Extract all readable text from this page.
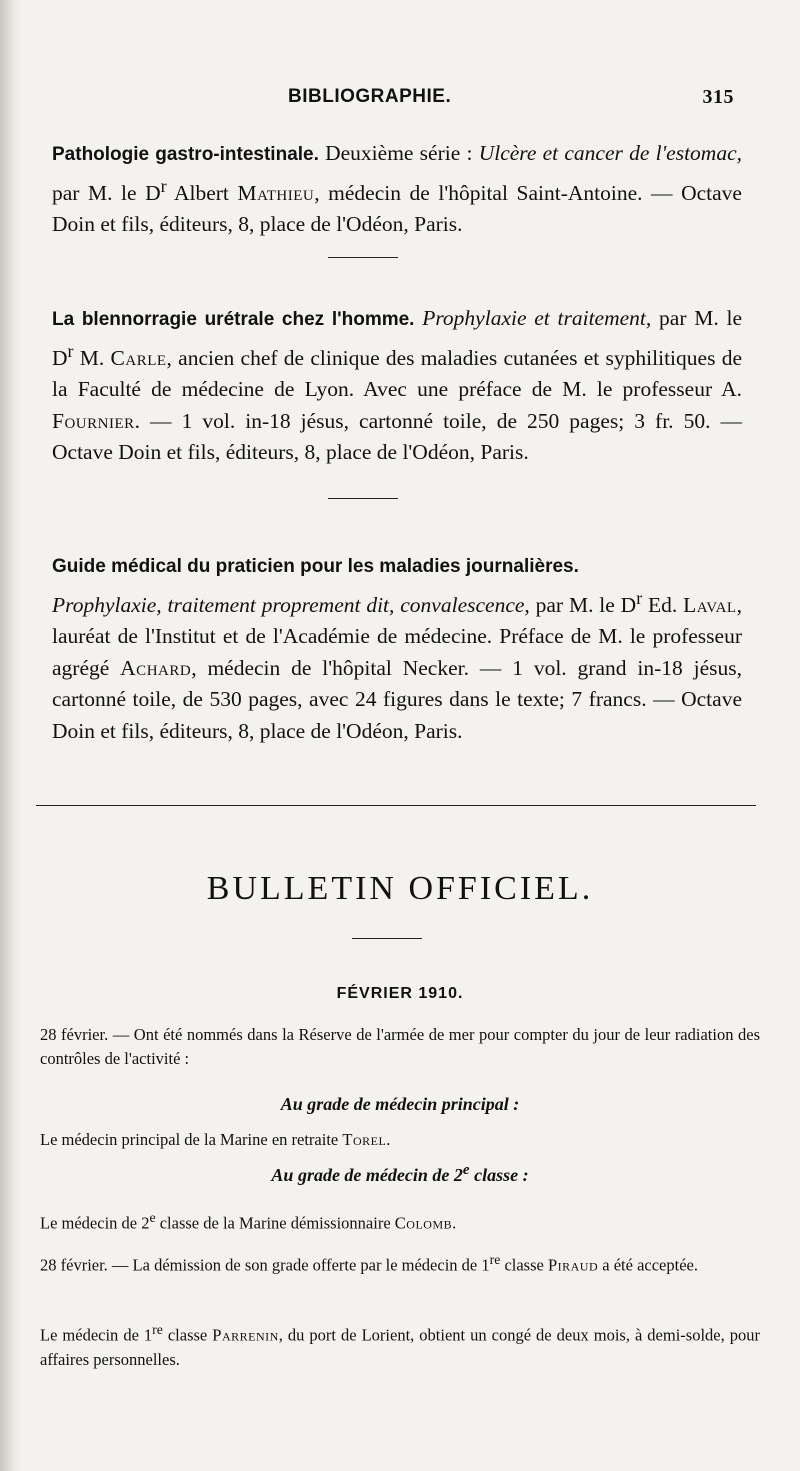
BIBLIOGRAPHIE.	315
Pathologie gastro-intestinale. Deuxième série : Ulcère et cancer de l'estomac, par M. le $D^r$ Albert Mathieu, médecin de l'hôpital Saint-Antoine. — Octave Doin et fils, éditeurs, 8, place de l'Odéon, Paris.
La blennorragie urétrale chez l'homme. Prophylaxie et traitement, par M. le $D^r$ M. Carle, ancien chef de clinique des maladies cutanées et syphilitiques de la Faculté de médecine de Lyon. Avec une préface de M. le professeur A. Fournier. — 1 vol. in-18 jésus, cartonné toile, de 250 pages; 3 fr. 50. — Octave Doin et fils, éditeurs, 8, place de l'Odéon, Paris.
Guide médical du praticien pour les maladies journalières.
Prophylaxie, traitement proprement dit, convalescence, par M. le $D^r$ Ed. Laval, lauréat de l'Institut et de l'Académie de médecine. Préface de M. le professeur agrégé Achard, médecin de l'hôpital Necker. — 1 vol. grand in-18 jésus, cartonné toile, de 530 pages, avec 24 figures dans le texte; 7 francs. — Octave Doin et fils, éditeurs, 8, place de l'Odéon, Paris.
BULLETIN OFFICIEL.
FÉVRIER 1910.
28 février. — Ont été nommés dans la Réserve de l'armée de mer pour compter du jour de leur radiation des contrôles de l'activité :
Au grade de médecin principal :
Le médecin principal de la Marine en retraite Torel.
Au grade de médecin de 2e classe :
Le médecin de 2e classe de la Marine démissionnaire Colomb.
28 février. — La démission de son grade offerte par le médecin de 1re classe Piraud a été acceptée.
Le médecin de 1re classe Parrenin, du port de Lorient, obtient un congé de deux mois, à demi-solde, pour affaires personnelles.
